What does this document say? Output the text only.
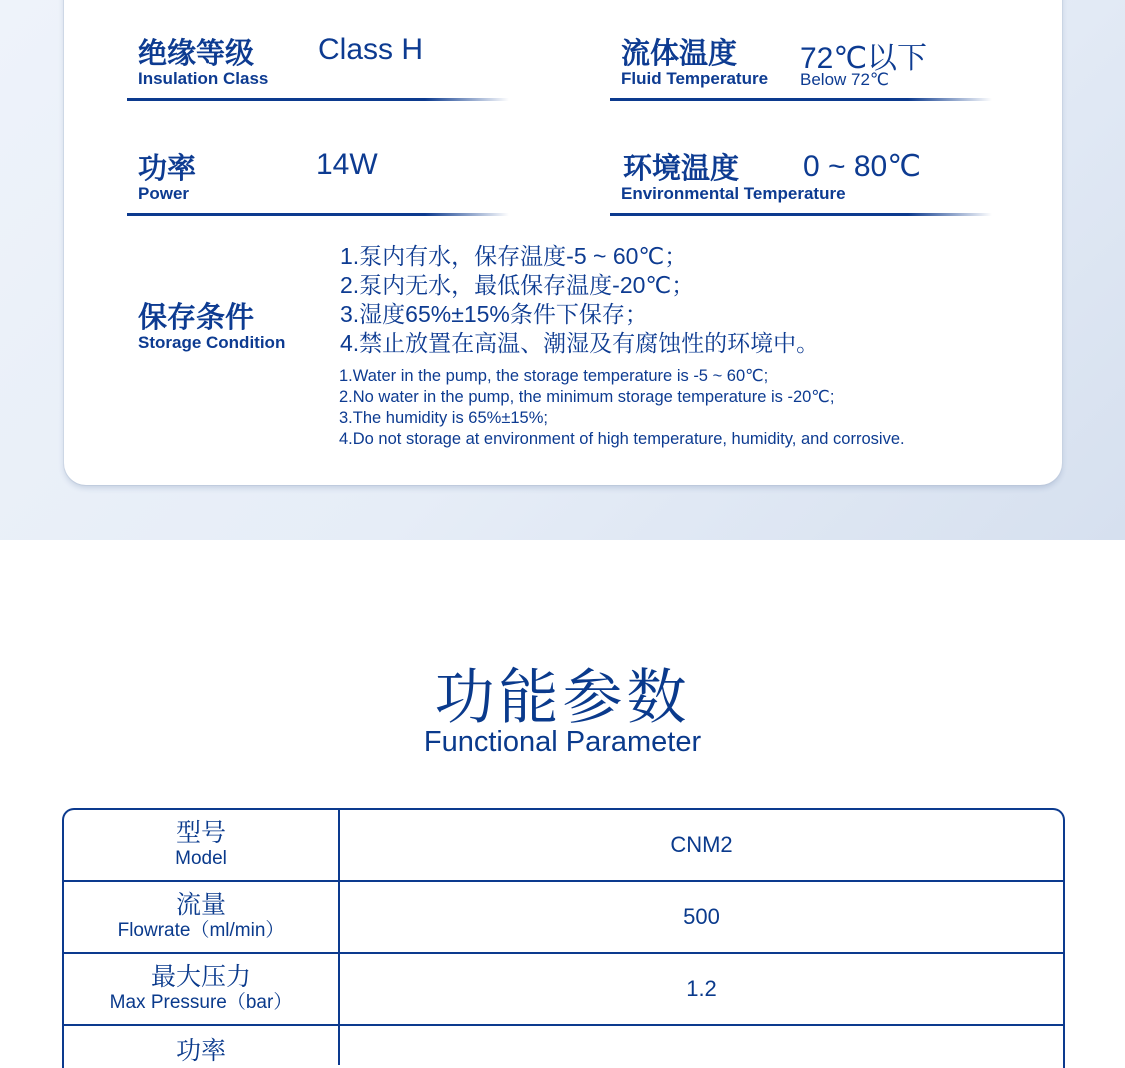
绝缘等级
Insulation Class
Class H	流体温度
Fluid Temperature
72℃以下
Below 72℃
功率
Power
14W	环境温度
Environmental Temperature
0 ~ 80℃
保存条件
Storage Condition
1.泵内有水，保存温度-5 ~ 60℃；
2.泵内无水，最低保存温度-20℃；
3.湿度65%±15%条件下保存；
4.禁止放置在高温、潮湿及有腐蚀性的环境中。
1.Water in the pump, the storage temperature is -5 ~ 60℃;
2.No water in the pump, the minimum storage temperature is -20℃;
3.The humidity is 65%±15%;
4.Do not storage at environment of high temperature, humidity, and corrosive.
功能参数
Functional Parameter
型号
Model
CNM2
流量
Flowrate（ml/min）
500
最大压力
Max Pressure（bar）
1.2
功率
